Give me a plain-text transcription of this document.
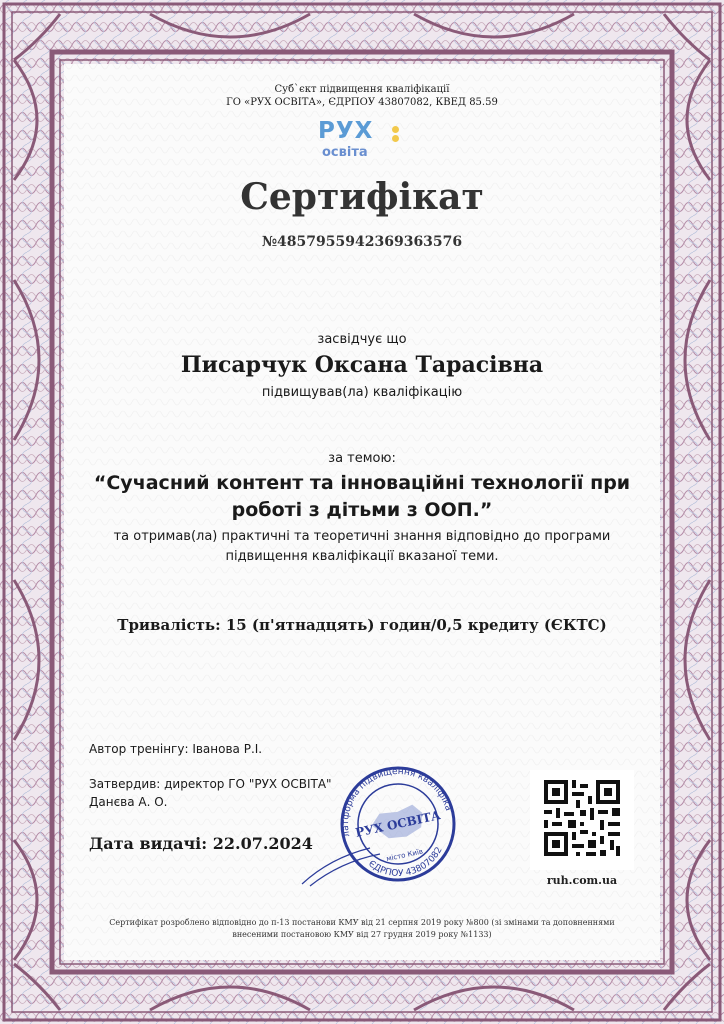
Суб`єкт підвищення кваліфікації
ГО «РУХ ОСВІТА», ЄДРПОУ 43807082, КВЕД 85.59
РУХ
освіта
Сертифікат
№4857955942369363576
засвідчує що
Писарчук Оксана Тарасівна
підвищував(ла) кваліфікацію
за темою:
“Сучасний контент та інноваційні технології при
роботі з дітьми з ООП.”
та отримав(ла) практичні та теоретичні знання відповідно до програми
підвищення кваліфікації вказаної теми.
Тривалість: 15 (п'ятнадцять) годин/0,5 кредиту (ЄКТС)
Автор тренінгу: Іванова Р.І.
Затвердив: директор ГО "РУХ ОСВІТА"
Данєва А. О.
Дата видачі: 22.07.2024
Платформа підвищення кваліфікації
ЄДРПОУ 43807082
РУХ ОСВІТА
місто Київ
ruh.com.ua
Сертифікат розроблено відповідно до п-13 постанови КМУ від 21 серпня 2019 року №800 (зі змінами та доповненнями
внесеними постановою КМУ від 27 грудня 2019 року №1133)
